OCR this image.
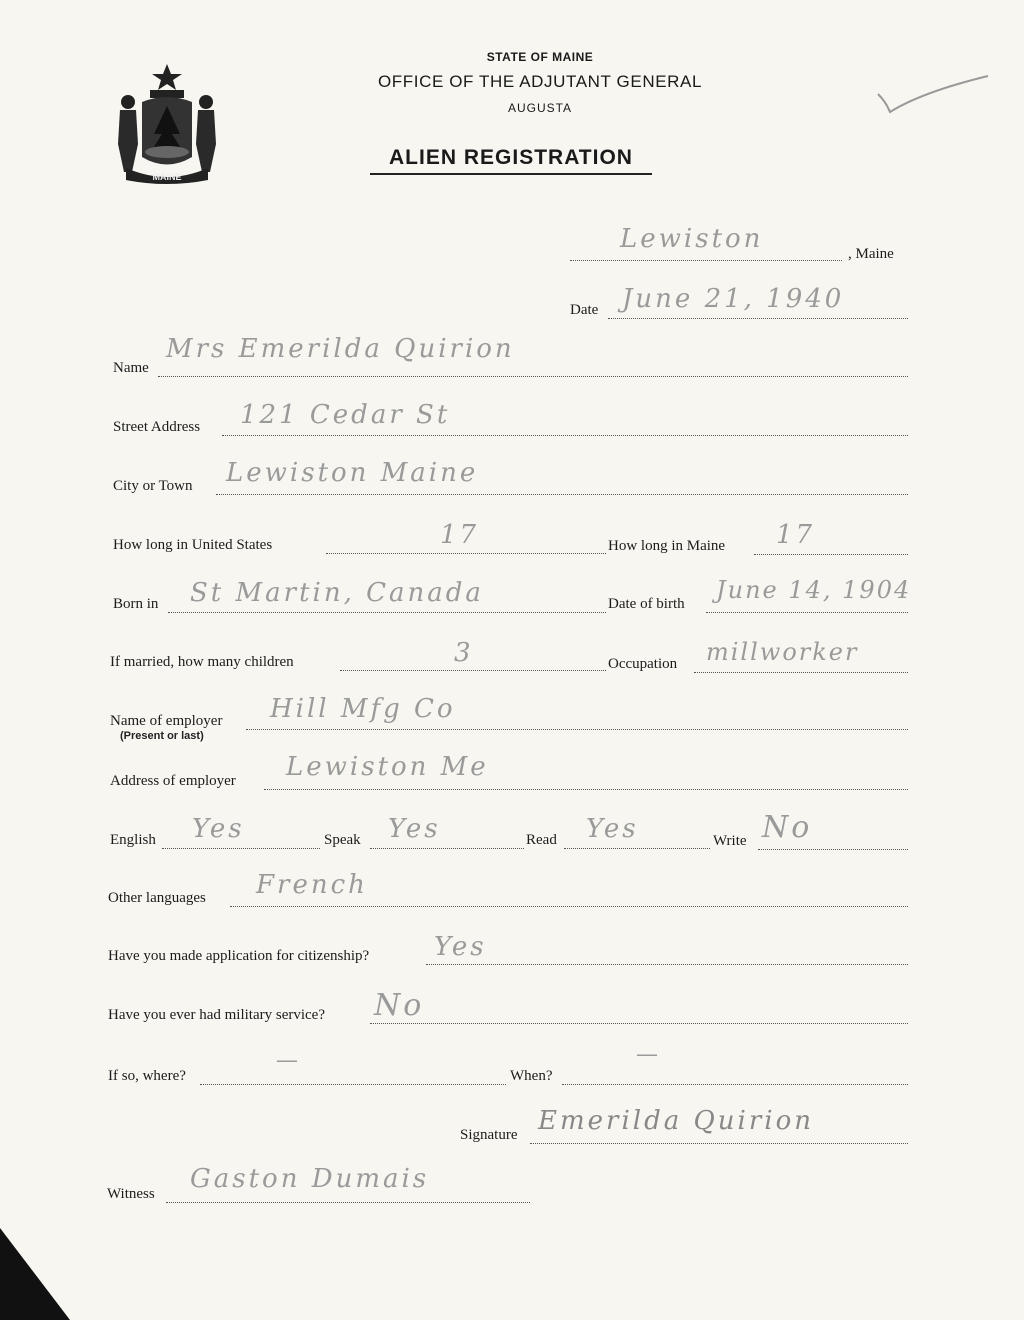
MAINE
STATE OF MAINE
OFFICE OF THE ADJUTANT GENERAL
AUGUSTA
ALIEN REGISTRATION
Lewiston	, Maine
Date June 21, 1940
Name
Mrs Emerilda Quirion
Street Address 121 Cedar St
City or Town Lewiston Maine
How long in United States	17	How long in Maine 17
Born in St Martin, Canada	Date of birth June 14, 1904
If married, how many children	3	Occupation millworker
Name of employer
(Present or last)
Hill Mfg Co
Address of employer Lewiston Me
English Yes	Speak Yes	Read Yes	Write No
Other languages French
Have you made application for citizenship? Yes
Have you ever had military service? No
If so, where?
—
When?
—
Signature Emerilda Quirion
Witness Gaston Dumais
